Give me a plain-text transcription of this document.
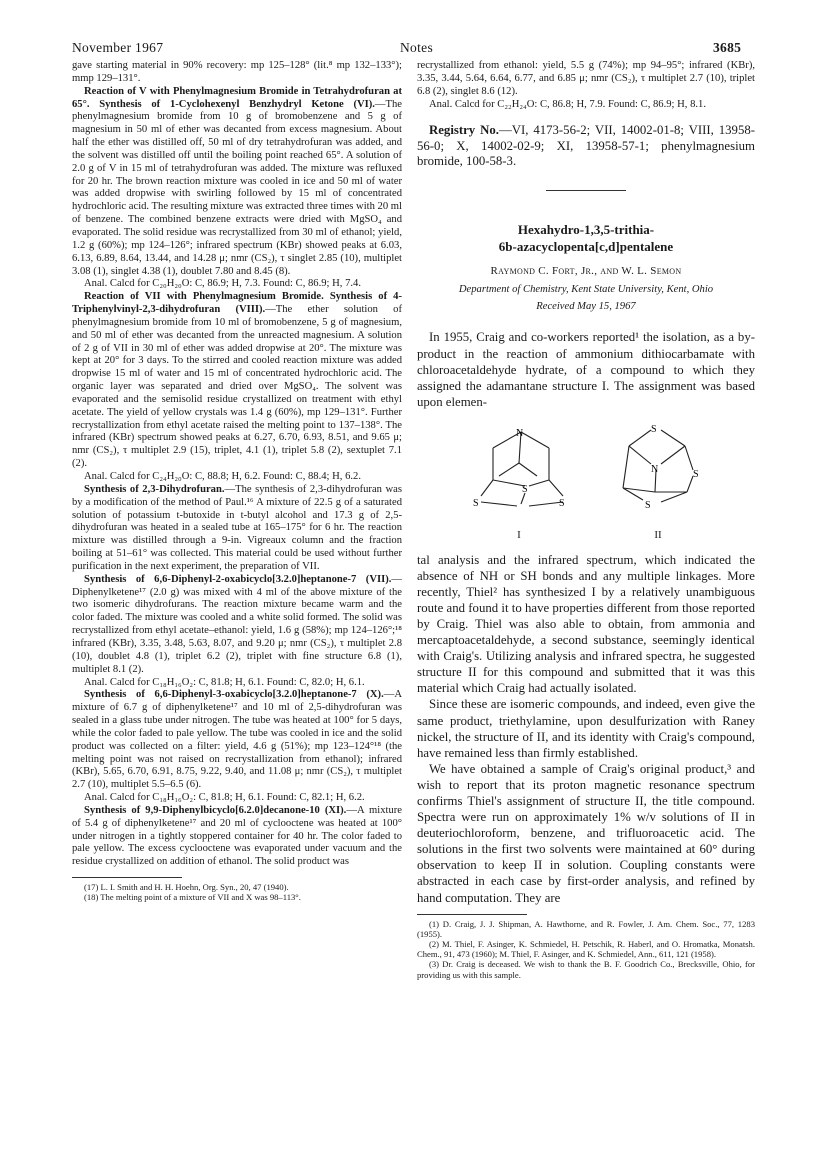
November 1967	Notes	3685

gave starting material in 90% recovery: mp 125–128° (lit.⁸ mp 132–133°); mmp 129–131°.

Reaction of V with Phenylmagnesium Bromide in Tetrahydrofuran at 65°. Synthesis of 1-Cyclohexenyl Benzhydryl Ketone (VI).—The phenylmagnesium bromide from 10 g of bromobenzene and 5 g of magnesium in 50 ml of ether was decanted from excess magnesium. About half the ether was distilled off, 50 ml of dry tetrahydrofuran was added, and the solvent was distilled off until the boiling point reached 65°. A solution of 2.0 g of V in 15 ml of tetrahydrofuran was added. The mixture was refluxed for 20 hr. The brown reaction mixture was cooled in ice and 50 ml of water was added dropwise with swirling followed by 15 ml of concentrated hydrochloric acid. The resulting mixture was extracted three times with 20 ml of benzene. The combined benzene extracts were dried with MgSO₄ and evaporated. The solid residue was recrystallized from 30 ml of ethanol; yield, 1.2 g (60%); mp 124–126°; infrared spectrum (KBr) showed peaks at 6.03, 6.13, 6.89, 8.64, 13.44, and 14.28 μ; nmr (CS₂), τ singlet 2.85 (10), multiplet 3.08 (1), singlet 4.38 (1), doublet 7.80 and 8.45 (8).

Anal. Calcd for C₂₀H₂₀O: C, 86.9; H, 7.3. Found: C, 86.9; H, 7.4.

Reaction of VII with Phenylmagnesium Bromide. Synthesis of 4-Triphenylvinyl-2,3-dihydrofuran (VIII).—The ether solution of phenylmagnesium bromide from 10 ml of bromobenzene, 5 g of magnesium, and 50 ml of ether was decanted from the unreacted magnesium. A solution of 2 g of VII in 30 ml of ether was added dropwise at 20°. The mixture was kept at 20° for 3 days. To the stirred and cooled reaction mixture was added dropwise 15 ml of water and 15 ml of concentrated hydrochloric acid. The organic layer was separated and dried over MgSO₄. The solvent was evaporated and the semisolid residue crystallized on treatment with ethyl acetate. The yield of yellow crystals was 1.4 g (60%), mp 129–131°. Further recrystallization from ethyl acetate raised the melting point to 137–138°. The infrared (KBr) spectrum showed peaks at 6.27, 6.70, 6.93, 8.51, and 9.65 μ; nmr (CS₂), τ multiplet 2.9 (15), triplet, 4.1 (1), triplet 5.8 (2), sextuplet 7.1 (2).

Anal. Calcd for C₂₄H₂₀O: C, 88.8; H, 6.2. Found: C, 88.4; H, 6.2.

Synthesis of 2,3-Dihydrofuran.—The synthesis of 2,3-dihydrofuran was by a modification of the method of Paul.¹⁶ A mixture of 22.5 g of a saturated solution of potassium t-butoxide in t-butyl alcohol and 17.3 g of 2,5-dihydrofuran was heated in a sealed tube at 165–175° for 6 hr. The reaction mixture was distilled through a 9-in. Vigreaux column and the fraction boiling at 51–61° was collected. This material could be used without further purification in the next experiment, the preparation of VII.

Synthesis of 6,6-Diphenyl-2-oxabicyclo[3.2.0]heptanone-7 (VII).—Diphenylketene¹⁷ (2.0 g) was mixed with 4 ml of the above mixture of the two isomeric dihydrofurans. The reaction mixture became warm and the color faded. The mixture was cooled and a white solid formed. The solid was recrystallized from ethyl acetate–ethanol: yield, 1.6 g (58%); mp 124–126°;¹⁸ infrared (KBr), 3.35, 3.48, 5.63, 8.07, and 9.20 μ; nmr (CS₂), τ multiplet 2.8 (10), doublet 4.8 (1), triplet 6.2 (2), triplet with fine structure 6.8 (1), multiplet 8.1 (2).

Anal. Calcd for C₁₈H₁₆O₂: C, 81.8; H, 6.1. Found: C, 82.0; H, 6.1.

Synthesis of 6,6-Diphenyl-3-oxabicyclo[3.2.0]heptanone-7 (X).—A mixture of 6.7 g of diphenylketene¹⁷ and 10 ml of 2,5-dihydrofuran was sealed in a glass tube under nitrogen. The tube was heated at 100° for 5 days, while the color faded to pale yellow. The tube was cooled in ice and the solid product was collected on a filter: yield, 4.6 g (51%); mp 123–124°¹⁸ (the melting point was not raised on recrystallization from ethanol); infrared (KBr), 5.65, 6.70, 6.91, 8.75, 9.22, 9.40, and 11.08 μ; nmr (CS₂), τ multiplet 2.7 (10), multiplet 5.5–6.5 (6).

Anal. Calcd for C₁₈H₁₆O₂: C, 81.8; H, 6.1. Found: C, 82.1; H, 6.2.

Synthesis of 9,9-Diphenylbicyclo[6.2.0]decanone-10 (XI).—A mixture of 5.4 g of diphenylketene¹⁷ and 20 ml of cyclooctene was heated at 100° under nitrogen in a tightly stoppered container for 40 hr. The color faded to pale yellow. The excess cyclooctene was evaporated under vacuum and the residue crystallized on addition of ethanol. The solid product was

(17) L. I. Smith and H. H. Hoehn, Org. Syn., 20, 47 (1940).

(18) The melting point of a mixture of VII and X was 98–113°.

recrystallized from ethanol: yield, 5.5 g (74%); mp 94–95°; infrared (KBr), 3.35, 3.44, 5.64, 6.64, 6.77, and 6.85 μ; nmr (CS₂), τ multiplet 2.7 (10), triplet 6.8 (2), singlet 8.6 (12).

Anal. Calcd for C₂₂H₂₄O: C, 86.8; H, 7.9. Found: C, 86.9; H, 8.1.

Registry No.—VI, 4173-56-2; VII, 14002-01-8; VIII, 13958-56-0; X, 14002-02-9; XI, 13958-57-1; phenylmagnesium bromide, 100-58-3.

Hexahydro-1,3,5-trithia-
6b-azacyclopenta[c,d]pentalene
Raymond C. Fort, Jr., and W. L. Semon
Department of Chemistry, Kent State University, Kent, Ohio
Received May 15, 1967

In 1955, Craig and co-workers reported¹ the isolation, as a by-product in the reaction of ammonium dithiocarbamate with chloroacetaldehyde hydrate, of a compound to which they assigned the adamantane structure I. The assignment was based upon elemen-

N
S
S	S
I
S
N	S
S
II

tal analysis and the infrared spectrum, which indicated the absence of NH or SH bonds and any multiple linkages. More recently, Thiel² has synthesized I by a relatively unambiguous route and found it to have properties different from those reported by Craig. Thiel was also able to obtain, from ammonia and mercaptoacetaldehyde, a second substance, seemingly identical with Craig's. Utilizing analysis and infrared spectra, he suggested structure II for this compound and submitted that it was this material which Craig had actually isolated.

Since these are isomeric compounds, and indeed, even give the same product, triethylamine, upon desulfurization with Raney nickel, the structure of II, and its identity with Craig's compound, have remained less than firmly established.

We have obtained a sample of Craig's original product,³ and wish to report that its proton magnetic resonance spectrum confirms Thiel's assignment of structure II, the title compound. Spectra were run on approximately 1% w/v solutions of II in deuteriochloroform, benzene, and trifluoroacetic acid. The solutions in the first two solvents were maintained at 60° during observation to keep II in solution. Coupling constants were abstracted in each case by first-order analysis, and refined by hand computation. They are

(1) D. Craig, J. J. Shipman, A. Hawthorne, and R. Fowler, J. Am. Chem. Soc., 77, 1283 (1955).

(2) M. Thiel, F. Asinger, K. Schmiedel, H. Petschik, R. Haberl, and O. Hromatka, Monatsh. Chem., 91, 473 (1960); M. Thiel, F. Asinger, and K. Schmiedel, Ann., 611, 121 (1958).

(3) Dr. Craig is deceased. We wish to thank the B. F. Goodrich Co., Brecksville, Ohio, for providing us with this sample.
